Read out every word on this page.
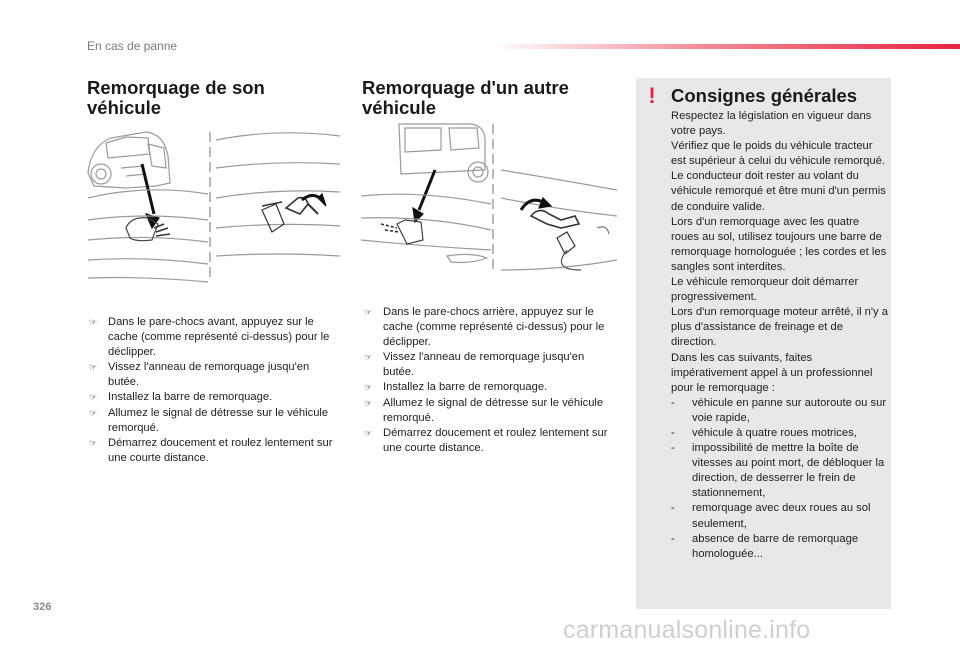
En cas de panne
Remorquage de son
véhicule
☞ Dans le pare-chocs avant, appuyez sur le cache (comme représenté ci-dessus) pour le déclipper.
☞ Vissez l'anneau de remorquage jusqu'en butée.
☞ Installez la barre de remorquage.
☞ Allumez le signal de détresse sur le véhicule remorqué.
☞ Démarrez doucement et roulez lentement sur une courte distance.
Remorquage d'un autre
véhicule
☞ Dans le pare-chocs arrière, appuyez sur le cache (comme représenté ci-dessus) pour le déclipper.
☞ Vissez l'anneau de remorquage jusqu'en butée.
☞ Installez la barre de remorquage.
☞ Allumez le signal de détresse sur le véhicule remorqué.
☞ Démarrez doucement et roulez lentement sur une courte distance.
! Consignes générales

Respectez la législation en vigueur dans votre pays.

Vérifiez que le poids du véhicule tracteur est supérieur à celui du véhicule remorqué.

Le conducteur doit rester au volant du véhicule remorqué et être muni d'un permis de conduire valide.

Lors d'un remorquage avec les quatre roues au sol, utilisez toujours une barre de remorquage homologuée ; les cordes et les sangles sont interdites.

Le véhicule remorqueur doit démarrer progressivement.

Lors d'un remorquage moteur arrêté, il n'y a plus d'assistance de freinage et de direction.

Dans les cas suivants, faites impérativement appel à un professionnel pour le remorquage :

- véhicule en panne sur autoroute ou sur voie rapide,
- véhicule à quatre roues motrices,
- impossibilité de mettre la boîte de vitesses au point mort, de débloquer la direction, de desserrer le frein de stationnement,
- remorquage avec deux roues au sol seulement,
- absence de barre de remorquage homologuée...
326
carmanualsonline.info
